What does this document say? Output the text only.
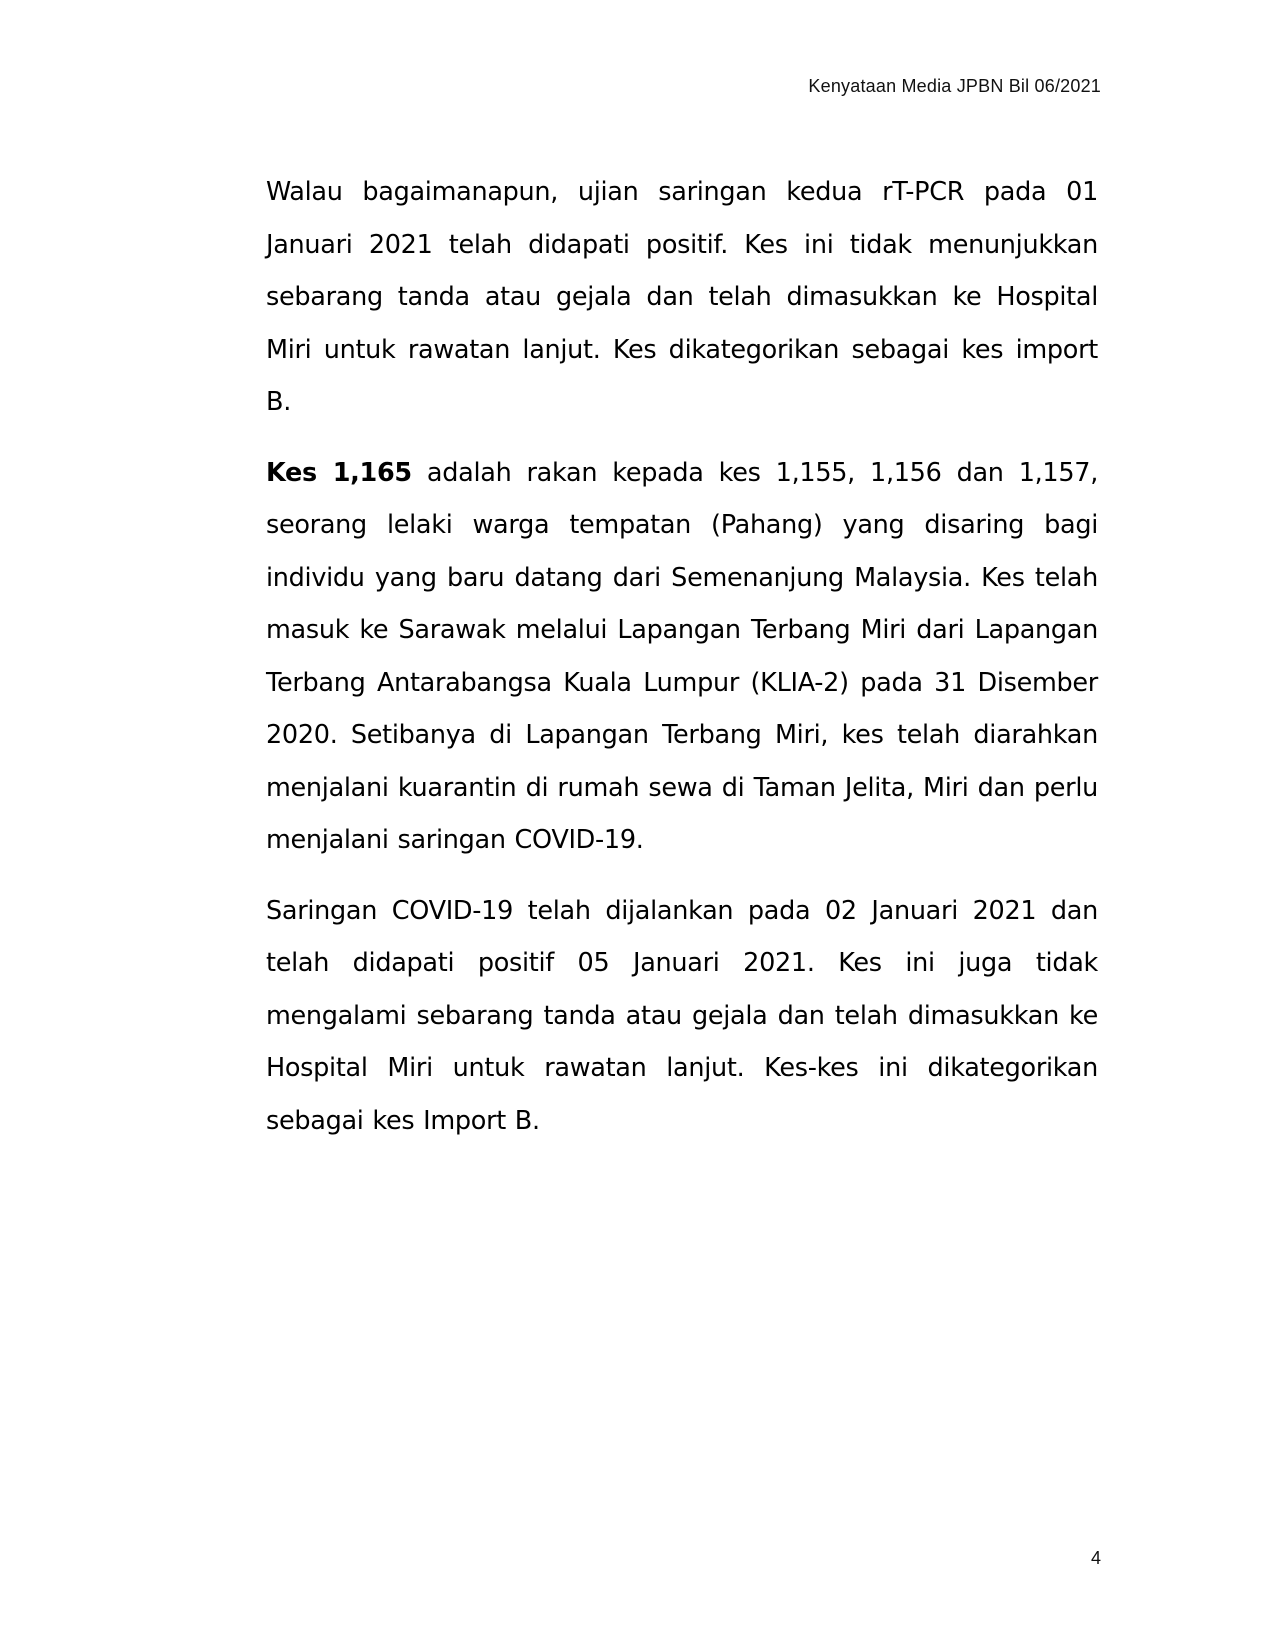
Kenyataan Media JPBN Bil 06/2021

Walau bagaimanapun, ujian saringan kedua rT-PCR pada 01 Januari 2021 telah didapati positif. Kes ini tidak menunjukkan sebarang tanda atau gejala dan telah dimasukkan ke Hospital Miri untuk rawatan lanjut. Kes dikategorikan sebagai kes import B.

Kes 1,165 adalah rakan kepada kes 1,155, 1,156 dan 1,157, seorang lelaki warga tempatan (Pahang) yang disaring bagi individu yang baru datang dari Semenanjung Malaysia. Kes telah masuk ke Sarawak melalui Lapangan Terbang Miri dari Lapangan Terbang Antarabangsa Kuala Lumpur (KLIA-2) pada 31 Disember 2020. Setibanya di Lapangan Terbang Miri, kes telah diarahkan menjalani kuarantin di rumah sewa di Taman Jelita, Miri dan perlu menjalani saringan COVID-19.

Saringan COVID-19 telah dijalankan pada 02 Januari 2021 dan telah didapati positif 05 Januari 2021. Kes ini juga tidak mengalami sebarang tanda atau gejala dan telah dimasukkan ke Hospital Miri untuk rawatan lanjut. Kes-kes ini dikategorikan sebagai kes Import B.

4
